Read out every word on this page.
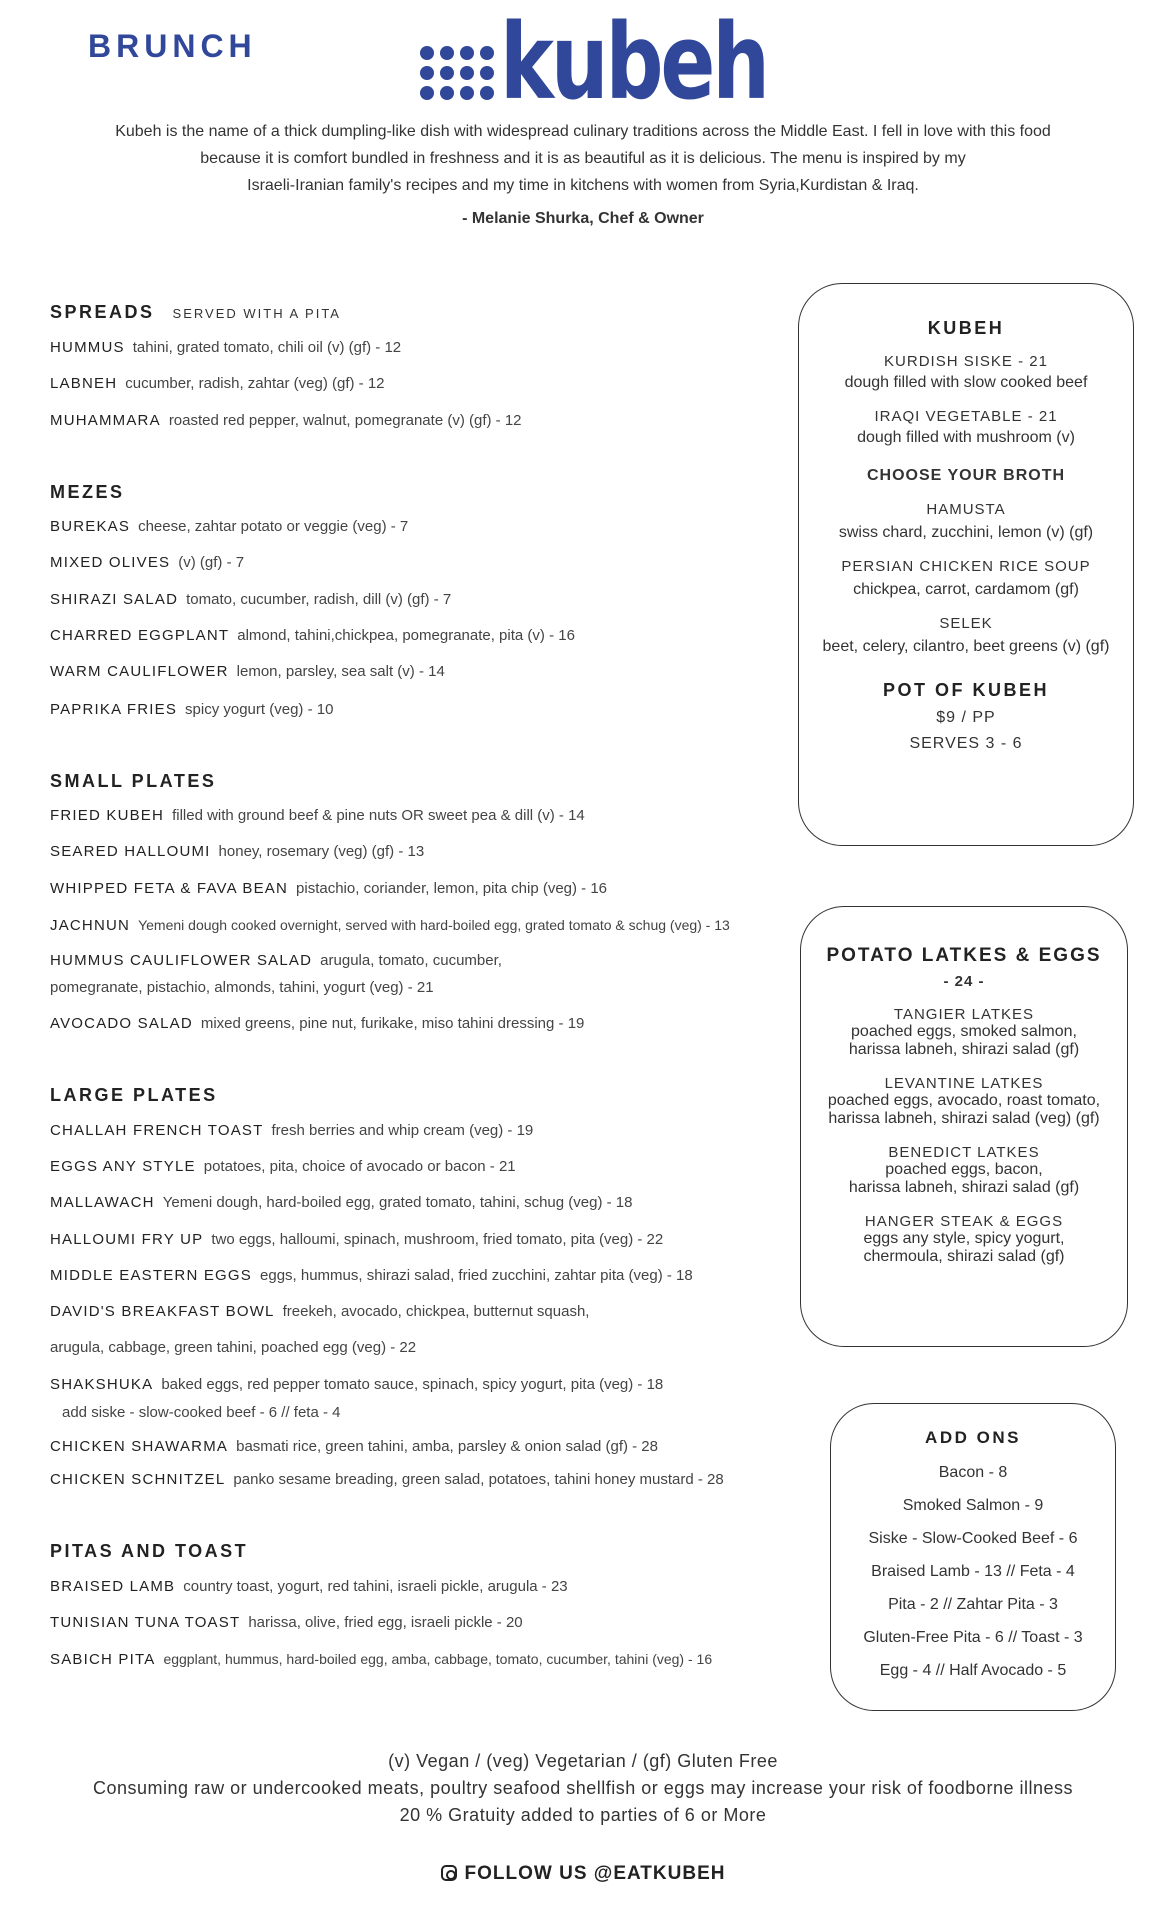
BRUNCH kubeh

Kubeh is the name of a thick dumpling-like dish with widespread culinary traditions across the Middle East. I fell in love with this food

because it is comfort bundled in freshness and it is as beautiful as it is delicious. The menu is inspired by my

Israeli-Iranian family's recipes and my time in kitchens with women from Syria,Kurdistan & Iraq.

- Melanie Shurka, Chef & Owner

SPREADS SERVED WITH A PITA
HUMMUS tahini, grated tomato, chili oil (v) (gf) - 12
LABNEH cucumber, radish, zahtar (veg) (gf) - 12
MUHAMMARA roasted red pepper, walnut, pomegranate (v) (gf) - 12
MEZES
BUREKAS cheese, zahtar potato or veggie (veg) - 7
MIXED OLIVES (v) (gf) - 7
SHIRAZI SALAD tomato, cucumber, radish, dill (v) (gf) - 7
CHARRED EGGPLANT almond, tahini,chickpea, pomegranate, pita (v) - 16
WARM CAULIFLOWER lemon, parsley, sea salt (v) - 14
PAPRIKA FRIES spicy yogurt (veg) - 10
SMALL PLATES
FRIED KUBEH filled with ground beef & pine nuts OR sweet pea & dill (v) - 14
SEARED HALLOUMI honey, rosemary (veg) (gf) - 13
WHIPPED FETA & FAVA BEAN pistachio, coriander, lemon, pita chip (veg) - 16
JACHNUN Yemeni dough cooked overnight, served with hard-boiled egg, grated tomato & schug (veg) - 13
HUMMUS CAULIFLOWER SALAD arugula, tomato, cucumber,
pomegranate, pistachio, almonds, tahini, yogurt (veg) - 21
AVOCADO SALAD mixed greens, pine nut, furikake, miso tahini dressing - 19
LARGE PLATES
CHALLAH FRENCH TOAST fresh berries and whip cream (veg) - 19
EGGS ANY STYLE potatoes, pita, choice of avocado or bacon - 21
MALLAWACH Yemeni dough, hard-boiled egg, grated tomato, tahini, schug (veg) - 18
HALLOUMI FRY UP two eggs, halloumi, spinach, mushroom, fried tomato, pita (veg) - 22
MIDDLE EASTERN EGGS eggs, hummus, shirazi salad, fried zucchini, zahtar pita (veg) - 18
DAVID'S BREAKFAST BOWL freekeh, avocado, chickpea, butternut squash,
arugula, cabbage, green tahini, poached egg (veg) - 22
SHAKSHUKA baked eggs, red pepper tomato sauce, spinach, spicy yogurt, pita (veg) - 18
add siske - slow-cooked beef - 6 // feta - 4
CHICKEN SHAWARMA basmati rice, green tahini, amba, parsley & onion salad (gf) - 28
CHICKEN SCHNITZEL panko sesame breading, green salad, potatoes, tahini honey mustard - 28
PITAS AND TOAST
BRAISED LAMB country toast, yogurt, red tahini, israeli pickle, arugula - 23
TUNISIAN TUNA TOAST harissa, olive, fried egg, israeli pickle - 20
SABICH PITA eggplant, hummus, hard-boiled egg, amba, cabbage, tomato, cucumber, tahini (veg) - 16
KUBEH
KURDISH SISKE - 21
dough filled with slow cooked beef
IRAQI VEGETABLE - 21
dough filled with mushroom (v)
CHOOSE YOUR BROTH
HAMUSTA
swiss chard, zucchini, lemon (v) (gf)
PERSIAN CHICKEN RICE SOUP
chickpea, carrot, cardamom (gf)
SELEK
beet, celery, cilantro, beet greens (v) (gf)
POT OF KUBEH
$9 / PP
SERVES 3 - 6
POTATO LATKES & EGGS
- 24 -
TANGIER LATKES
poached eggs, smoked salmon,
harissa labneh, shirazi salad (gf)
LEVANTINE LATKES
poached eggs, avocado, roast tomato,
harissa labneh, shirazi salad (veg) (gf)
BENEDICT LATKES
poached eggs, bacon,
harissa labneh, shirazi salad (gf)
HANGER STEAK & EGGS
eggs any style, spicy yogurt,
chermoula, shirazi salad (gf)
ADD ONS
Bacon - 8
Smoked Salmon - 9
Siske - Slow-Cooked Beef - 6
Braised Lamb - 13 // Feta - 4
Pita - 2 // Zahtar Pita - 3
Gluten-Free Pita - 6 // Toast - 3
Egg - 4 // Half Avocado - 5
(v) Vegan / (veg) Vegetarian / (gf) Gluten Free
Consuming raw or undercooked meats, poultry seafood shellfish or eggs may increase your risk of foodborne illness
20 % Gratuity added to parties of 6 or More
FOLLOW US @EATKUBEH
